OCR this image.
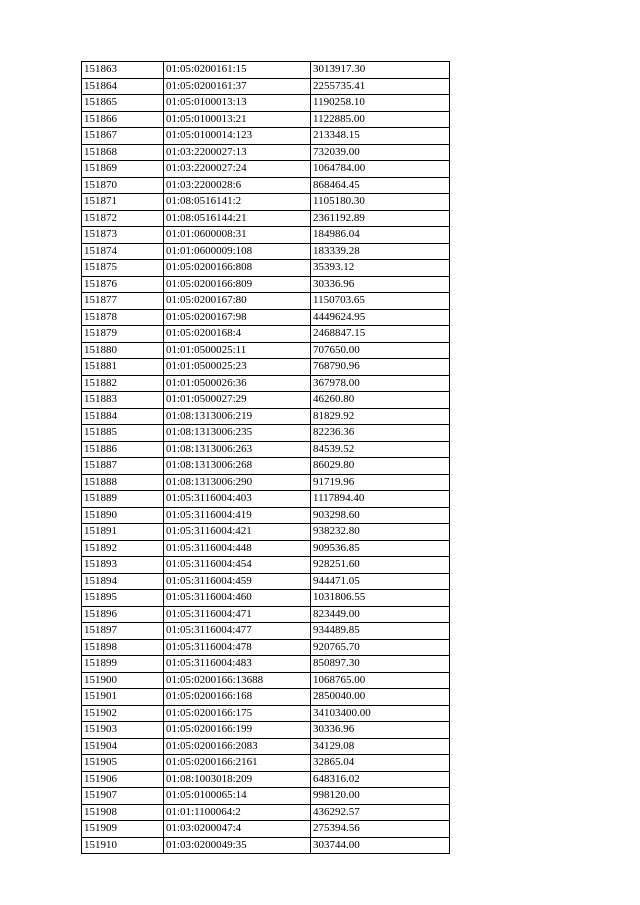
151863	01:05:0200161:15	3013917.30
151864	01:05:0200161:37	2255735.41
151865	01:05:0100013:13	1190258.10
151866	01:05:0100013:21	1122885.00
151867	01:05:0100014:123	213348.15
151868	01:03:2200027:13	732039.00
151869	01:03:2200027:24	1064784.00
151870	01:03:2200028:6	868464.45
151871	01:08:0516141:2	1105180.30
151872	01:08:0516144:21	2361192.89
151873	01:01:0600008:31	184986.04
151874	01:01:0600009:108	183339.28
151875	01:05:0200166:808	35393.12
151876	01:05:0200166:809	30336.96
151877	01:05:0200167:80	1150703.65
151878	01:05:0200167:98	4449624.95
151879	01:05:0200168:4	2468847.15
151880	01:01:0500025:11	707650.00
151881	01:01:0500025:23	768790.96
151882	01:01:0500026:36	367978.00
151883	01:01:0500027:29	46260.80
151884	01:08:1313006:219	81829.92
151885	01:08:1313006:235	82236.36
151886	01:08:1313006:263	84539.52
151887	01:08:1313006:268	86029.80
151888	01:08:1313006:290	91719.96
151889	01:05:3116004:403	1117894.40
151890	01:05:3116004:419	903298.60
151891	01:05:3116004:421	938232.80
151892	01:05:3116004:448	909536.85
151893	01:05:3116004:454	928251.60
151894	01:05:3116004:459	944471.05
151895	01:05:3116004:460	1031806.55
151896	01:05:3116004:471	823449.00
151897	01:05:3116004:477	934489.85
151898	01:05:3116004:478	920765.70
151899	01:05:3116004:483	850897.30
151900	01:05:0200166:13688	1068765.00
151901	01:05:0200166:168	2850040.00
151902	01:05:0200166:175	34103400.00
151903	01:05:0200166:199	30336.96
151904	01:05:0200166:2083	34129.08
151905	01:05:0200166:2161	32865.04
151906	01:08:1003018:209	648316.02
151907	01:05:0100065:14	998120.00
151908	01:01:1100064:2	436292.57
151909	01:03:0200047:4	275394.56
151910	01:03:0200049:35	303744.00
